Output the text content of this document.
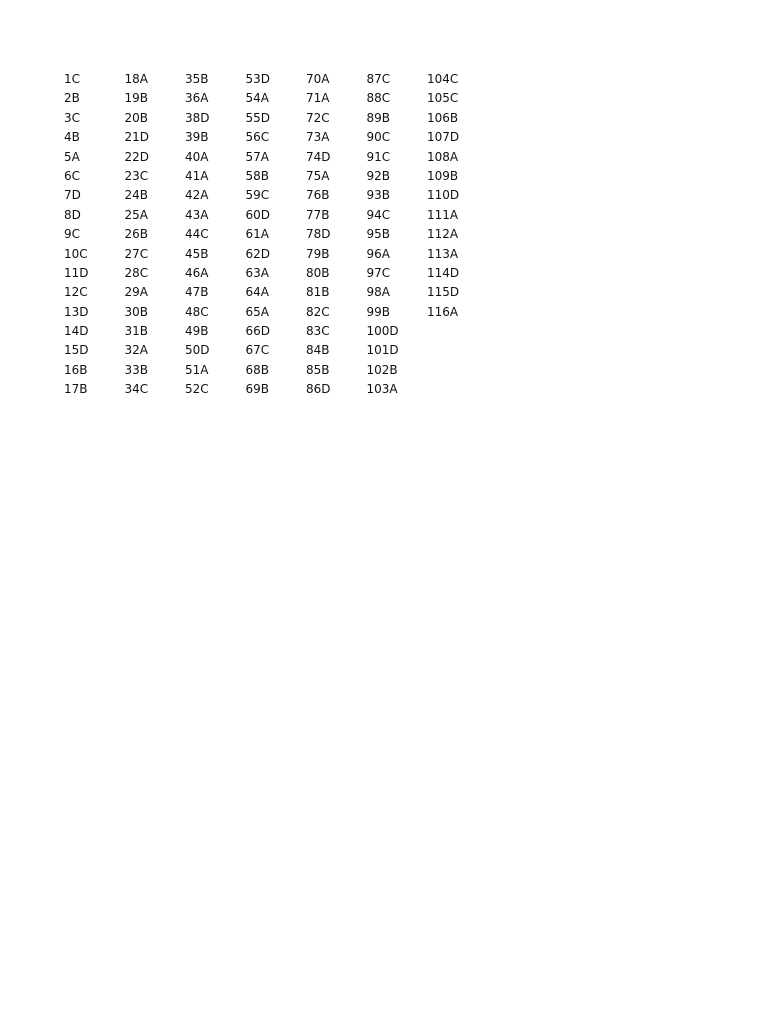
1C
2B
3C
4B
5A
6C
7D
8D
9C
10C
11D
12C
13D
14D
15D
16B
17B
18A
19B
20B
21D
22D
23C
24B
25A
26B
27C
28C
29A
30B
31B
32A
33B
34C
35B
36A
38D
39B
40A
41A
42A
43A
44C
45B
46A
47B
48C
49B
50D
51A
52C
53D
54A
55D
56C
57A
58B
59C
60D
61A
62D
63A
64A
65A
66D
67C
68B
69B
70A
71A
72C
73A
74D
75A
76B
77B
78D
79B
80B
81B
82C
83C
84B
85B
86D
87C
88C
89B
90C
91C
92B
93B
94C
95B
96A
97C
98A
99B
100D
101D
102B
103A
104C
105C
106B
107D
108A
109B
110D
111A
112A
113A
114D
115D
116A
